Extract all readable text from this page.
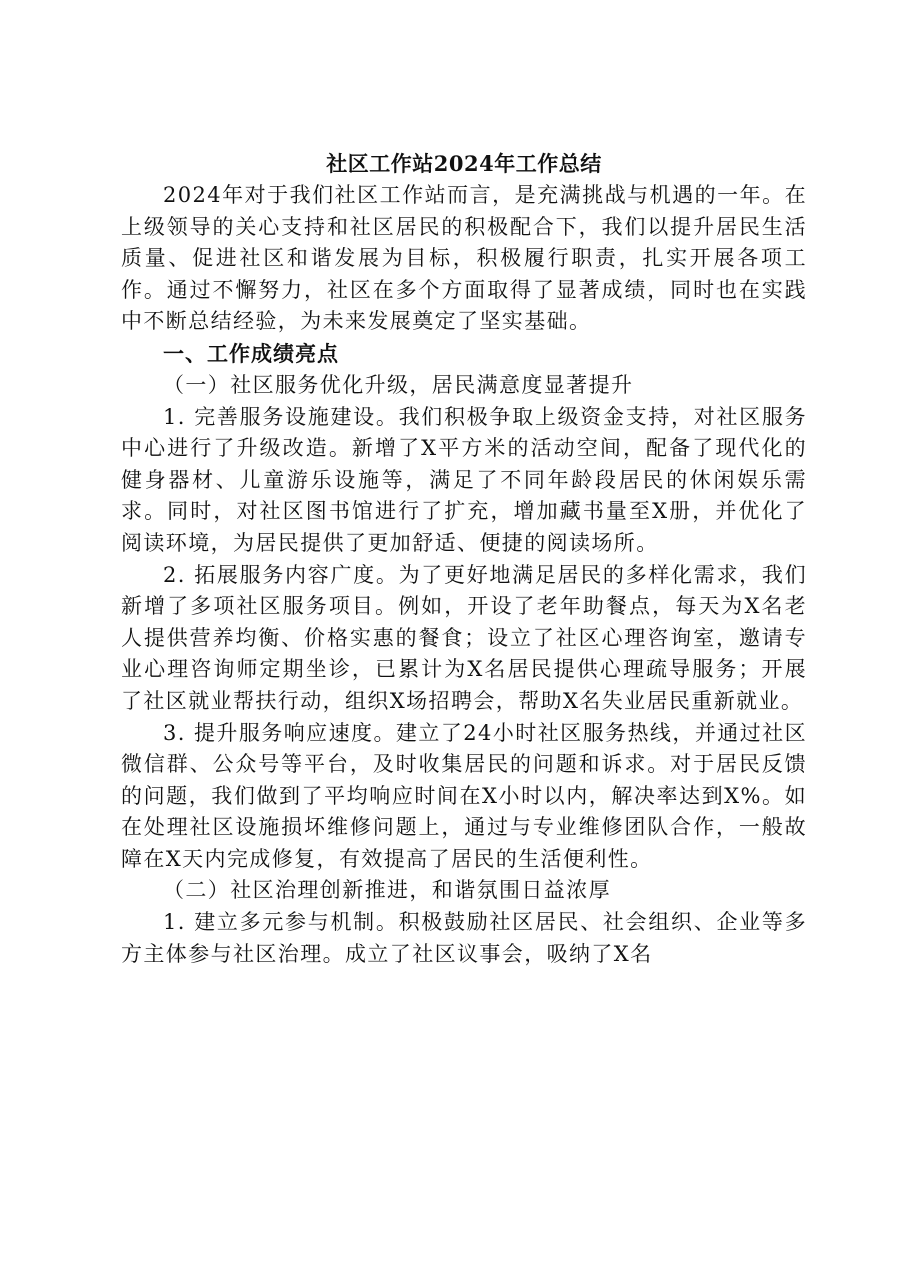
社区工作站2024年工作总结

2024年对于我们社区工作站而言，是充满挑战与机遇的一年。在上级领导的关心支持和社区居民的积极配合下，我们以提升居民生活质量、促进社区和谐发展为目标，积极履行职责，扎实开展各项工作。通过不懈努力，社区在多个方面取得了显著成绩，同时也在实践中不断总结经验，为未来发展奠定了坚实基础。

一、工作成绩亮点
（一）社区服务优化升级，居民满意度显著提升

1. 完善服务设施建设。我们积极争取上级资金支持，对社区服务中心进行了升级改造。新增了X平方米的活动空间，配备了现代化的健身器材、儿童游乐设施等，满足了不同年龄段居民的休闲娱乐需求。同时，对社区图书馆进行了扩充，增加藏书量至X册，并优化了阅读环境，为居民提供了更加舒适、便捷的阅读场所。

2. 拓展服务内容广度。为了更好地满足居民的多样化需求，我们新增了多项社区服务项目。例如，开设了老年助餐点，每天为X名老人提供营养均衡、价格实惠的餐食；设立了社区心理咨询室，邀请专业心理咨询师定期坐诊，已累计为X名居民提供心理疏导服务；开展了社区就业帮扶行动，组织X场招聘会，帮助X名失业居民重新就业。

3. 提升服务响应速度。建立了24小时社区服务热线，并通过社区微信群、公众号等平台，及时收集居民的问题和诉求。对于居民反馈的问题，我们做到了平均响应时间在X小时以内，解决率达到X%。如在处理社区设施损坏维修问题上，通过与专业维修团队合作，一般故障在X天内完成修复，有效提高了居民的生活便利性。

（二）社区治理创新推进，和谐氛围日益浓厚

1. 建立多元参与机制。积极鼓励社区居民、社会组织、企业等多方主体参与社区治理。成立了社区议事会，吸纳了X名
